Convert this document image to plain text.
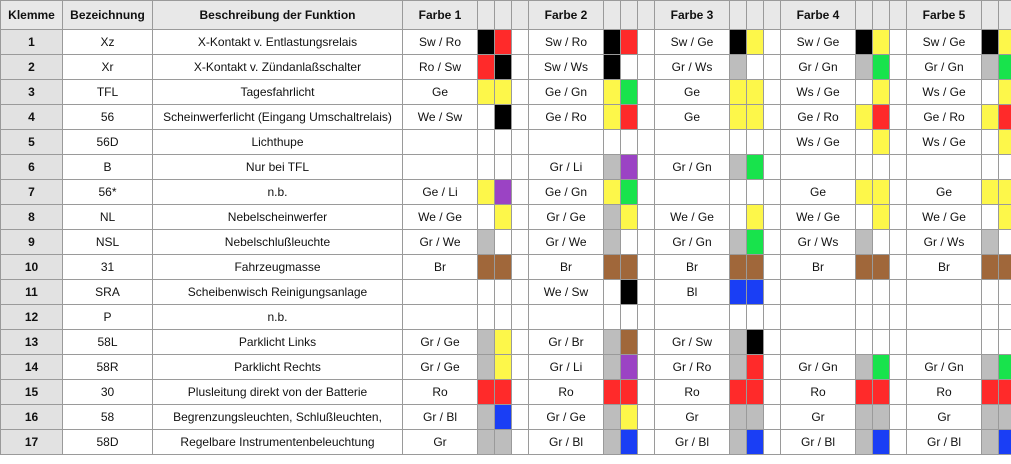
Klemme	Bezeichnung	Beschreibung der Funktion	Farbe 1				Farbe 2				Farbe 3				Farbe 4				Farbe 5			
1	Xz	X-Kontakt v. Entlastungsrelais	Sw / Ro				Sw / Ro				Sw / Ge				Sw / Ge				Sw / Ge			
2	Xr	X-Kontakt v. Zündanlaßschalter	Ro / Sw				Sw / Ws				Gr / Ws				Gr / Gn				Gr / Gn			
3	TFL	Tagesfahrlicht	Ge				Ge / Gn				Ge				Ws / Ge				Ws / Ge			
4	56	Scheinwerferlicht (Eingang Umschaltrelais)	We / Sw				Ge / Ro				Ge				Ge / Ro				Ge / Ro			
5	56D	Lichthupe													Ws / Ge				Ws / Ge			
6	B	Nur bei TFL					Gr / Li				Gr / Gn											
7	56*	n.b.	Ge / Li				Ge / Gn								Ge				Ge			
8	NL	Nebelscheinwerfer	We / Ge				Gr / Ge				We / Ge				We / Ge				We / Ge			
9	NSL	Nebelschlußleuchte	Gr / We				Gr / We				Gr / Gn				Gr / Ws				Gr / Ws			
10	31	Fahrzeugmasse	Br				Br				Br				Br				Br			
11	SRA	Scheibenwisch Reinigungsanlage					We / Sw				Bl											
12	P	n.b.																				
13	58L	Parklicht Links	Gr / Ge				Gr / Br				Gr / Sw											
14	58R	Parklicht Rechts	Gr / Ge				Gr / Li				Gr / Ro				Gr / Gn				Gr / Gn			
15	30	Plusleitung direkt von der Batterie	Ro				Ro				Ro				Ro				Ro			
16	58	Begrenzungsleuchten, Schlußleuchten,	Gr / Bl				Gr / Ge				Gr				Gr				Gr			
17	58D	Regelbare Instrumentenbeleuchtung	Gr				Gr / Bl				Gr / Bl				Gr / Bl				Gr / Bl			
